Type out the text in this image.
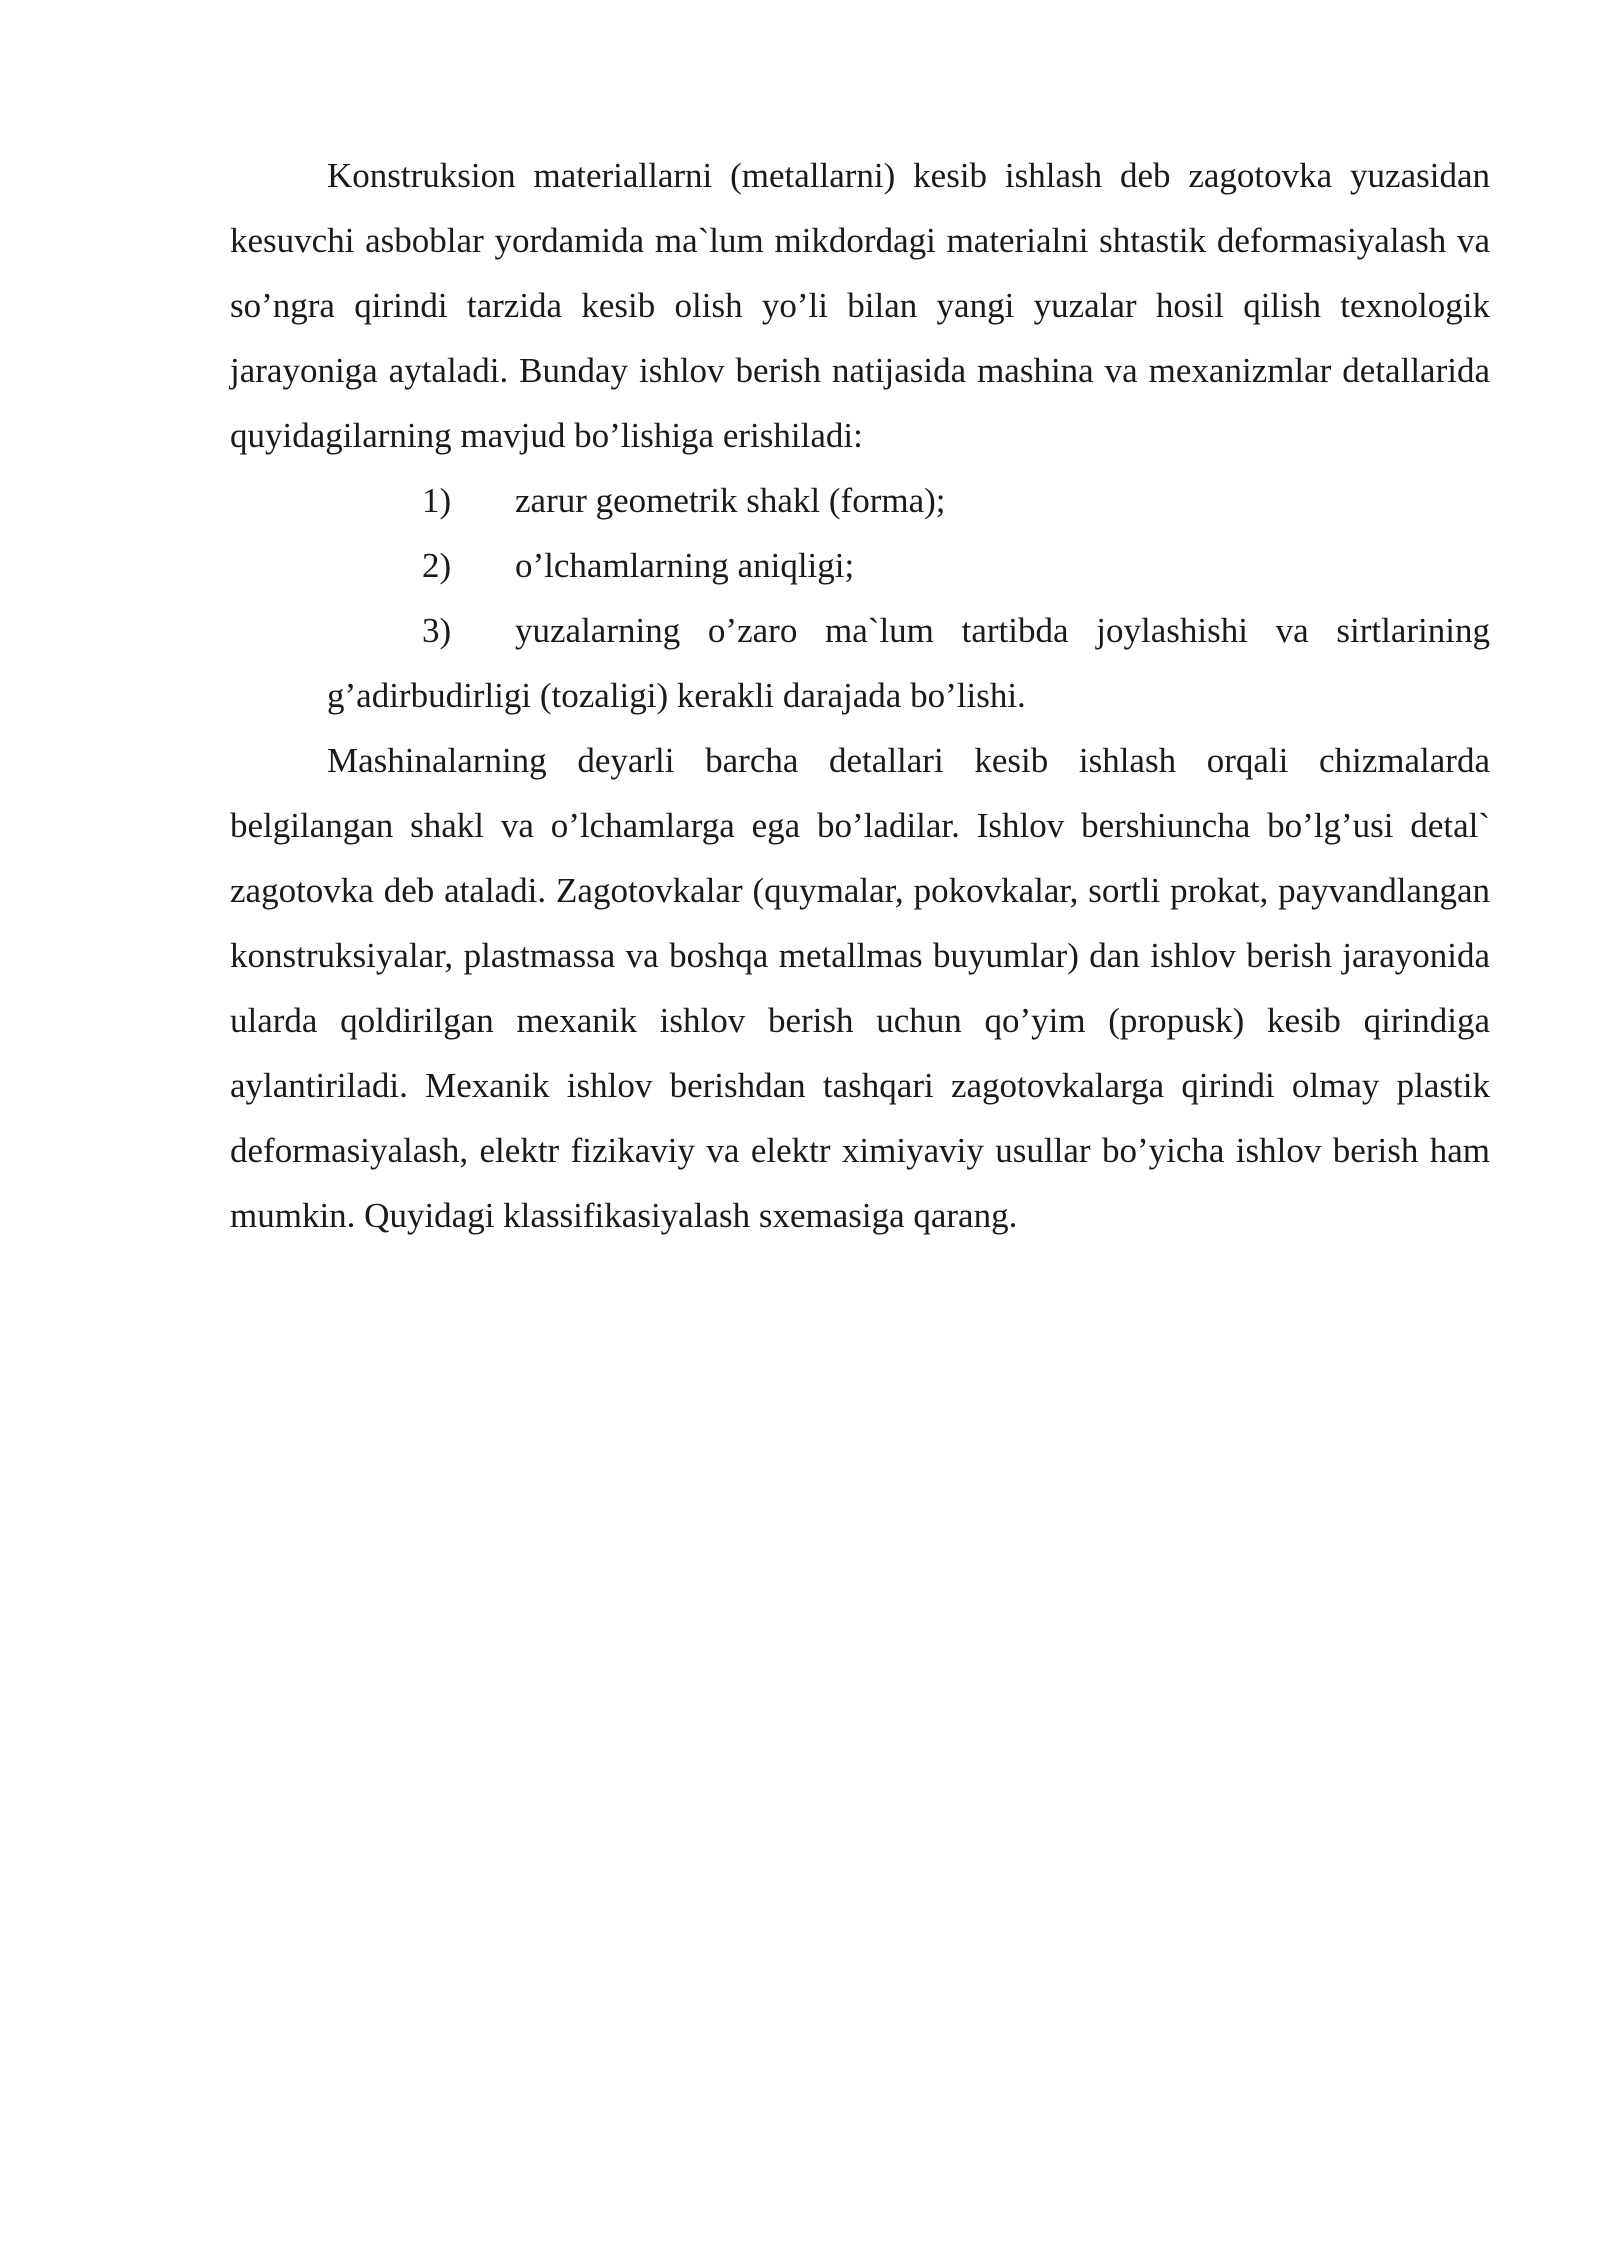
Konstruksion materiallarni (metallarni) kesib ishlash deb zagotovka yuzasidan kesuvchi asboblar yordamida ma`lum mikdordagi materialni shtastik deformasiyalash va so’ngra qirindi tarzida kesib olish yo’li bilan yangi yuzalar hosil qilish texnologik jarayoniga aytaladi. Bunday ishlov berish natijasida mashina va mexanizmlar detallarida quyidagilarning mavjud bo’lishiga erishiladi:

1) zarur geometrik shakl (forma);
2) o’lchamlarning aniqligi;
3) yuzalarning o’zaro ma`lum tartibda joylashishi va sirtlarining g’adirbudirligi (tozaligi) kerakli darajada bo’lishi.

Mashinalarning deyarli barcha detallari kesib ishlash orqali chizmalarda belgilangan shakl va o’lchamlarga ega bo’ladilar. Ishlov bershiuncha bo’lg’usi detal` zagotovka deb ataladi. Zagotovkalar (quymalar, pokovkalar, sortli prokat, payvandlangan konstruksiyalar, plastmassa va boshqa metallmas buyumlar) dan ishlov berish jarayonida ularda qoldirilgan mexanik ishlov berish uchun qo’yim (propusk) kesib qirindiga aylantiriladi. Mexanik ishlov berishdan tashqari zagotovkalarga qirindi olmay plastik deformasiyalash, elektr fizikaviy va elektr ximiyaviy usullar bo’yicha ishlov berish ham mumkin. Quyidagi klassifikasiyalash sxemasiga qarang.
